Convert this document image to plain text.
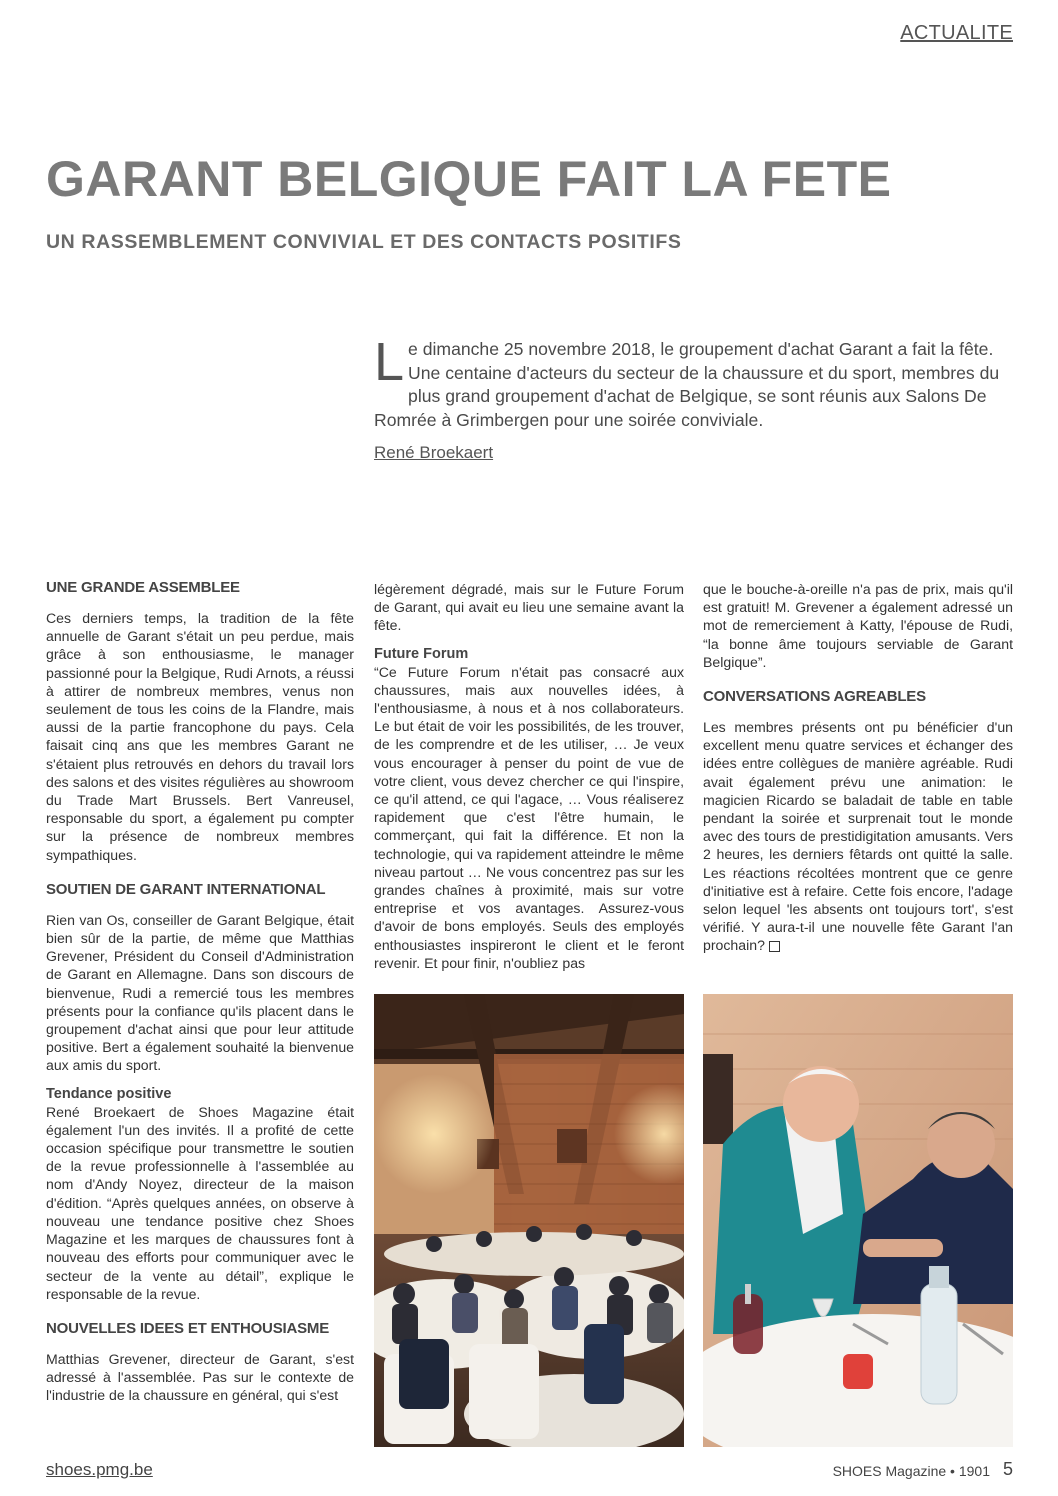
ACTUALITE
GARANT BELGIQUE FAIT LA FETE
UN RASSEMBLEMENT CONVIVIAL ET DES CONTACTS POSITIFS

Le dimanche 25 novembre 2018, le groupement d'achat Garant a fait la fête. Une centaine d'acteurs du secteur de la chaussure et du sport, membres du plus grand groupement d'achat de Belgique, se sont réunis aux Salons De Romrée à Grimbergen pour une soirée conviviale.

René Broekaert
UNE GRANDE ASSEMBLEE

Ces derniers temps, la tradition de la fête annuelle de Garant s'était un peu perdue, mais grâce à son enthousiasme, le manager passionné pour la Belgique, Rudi Arnots, a réussi à attirer de nombreux membres, venus non seulement de tous les coins de la Flandre, mais aussi de la partie francophone du pays. Cela faisait cinq ans que les membres Garant ne s'étaient plus retrouvés en dehors du travail lors des salons et des visites régulières au showroom du Trade Mart Brussels. Bert Vanreusel, responsable du sport, a également pu compter sur la présence de nombreux membres sympathiques.

SOUTIEN DE GARANT INTERNATIONAL

Rien van Os, conseiller de Garant Belgique, était bien sûr de la partie, de même que Matthias Grevener, Président du Conseil d'Administration de Garant en Allemagne. Dans son discours de bienvenue, Rudi a remercié tous les membres présents pour la confiance qu'ils placent dans le groupement d'achat ainsi que pour leur attitude positive. Bert a également souhaité la bienvenue aux amis du sport.

Tendance positive

René Broekaert de Shoes Magazine était également l'un des invités. Il a profité de cette occasion spécifique pour transmettre le soutien de la revue professionnelle à l'assemblée au nom d'Andy Noyez, directeur de la maison d'édition. “Après quelques années, on observe à nouveau une tendance positive chez Shoes Magazine et les marques de chaussures font à nouveau des efforts pour communiquer avec le secteur de la vente au détail”, explique le responsable de la revue.

NOUVELLES IDEES ET ENTHOUSIASME

Matthias Grevener, directeur de Garant, s'est adressé à l'assemblée. Pas sur le contexte de l'industrie de la chaussure en général, qui s'est

légèrement dégradé, mais sur le Future Forum de Garant, qui avait eu lieu une semaine avant la fête.

Future Forum

“Ce Future Forum n'était pas consacré aux chaussures, mais aux nouvelles idées, à l'enthousiasme, à nous et à nos collaborateurs. Le but était de voir les possibilités, de les trouver, de les comprendre et de les utiliser, … Je veux vous encourager à penser du point de vue de votre client, vous devez chercher ce qui l'inspire, ce qu'il attend, ce qui l'agace, … Vous réaliserez rapidement que c'est l'être humain, le commerçant, qui fait la différence. Et non la technologie, qui va rapidement atteindre le même niveau partout … Ne vous concentrez pas sur les grandes chaînes à proximité, mais sur votre entreprise et vos avantages. Assurez-vous d'avoir de bons employés. Seuls des employés enthousiastes inspireront le client et le feront revenir. Et pour finir, n'oubliez pas

que le bouche-à-oreille n'a pas de prix, mais qu'il est gratuit! M. Grevener a également adressé un mot de remerciement à Katty, l'épouse de Rudi, “la bonne âme toujours serviable de Garant Belgique”.

CONVERSATIONS AGREABLES

Les membres présents ont pu bénéficier d'un excellent menu quatre services et échanger des idées entre collègues de manière agréable. Rudi avait également prévu une animation: le magicien Ricardo se baladait de table en table pendant la soirée et surprenait tout le monde avec des tours de prestidigitation amusants. Vers 2 heures, les derniers fêtards ont quitté la salle. Les réactions récoltées montrent que ce genre d'initiative est à refaire. Cette fois encore, l'adage selon lequel 'les absents ont toujours tort', s'est vérifié. Y aura-t-il une nouvelle fête Garant l'an prochain?

shoes.pmg.be	SHOES Magazine • 1901 5
